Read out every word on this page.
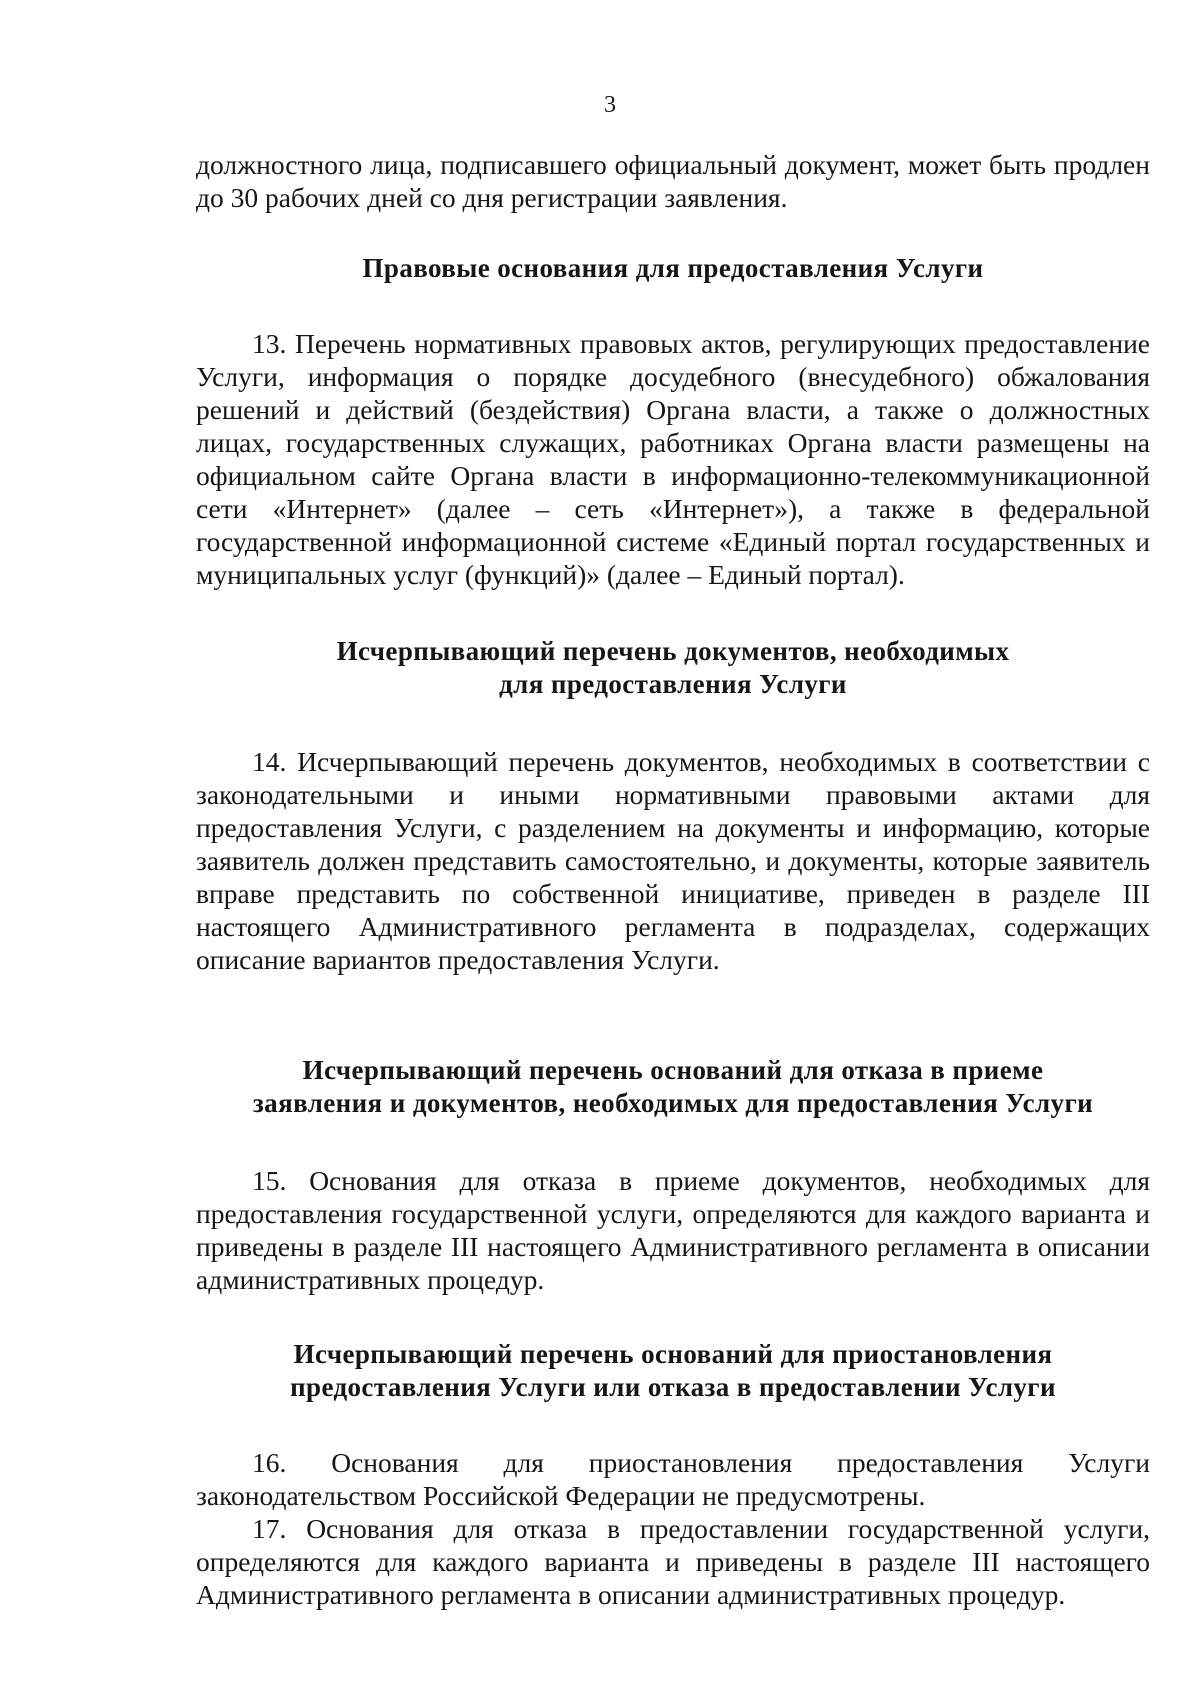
3

должностного лица, подписавшего официальный документ, может быть продлен до 30 рабочих дней со дня регистрации заявления.

Правовые основания для предоставления Услуги

13. Перечень нормативных правовых актов, регулирующих предоставление Услуги, информация о порядке досудебного (внесудебного) обжалования решений и действий (бездействия) Органа власти, а также о должностных лицах, государственных служащих, работниках Органа власти размещены на официальном сайте Органа власти в информационно-телекоммуникационной сети «Интернет» (далее – сеть «Интернет»), а также в федеральной государственной информационной системе «Единый портал государственных и муниципальных услуг (функций)» (далее – Единый портал).

Исчерпывающий перечень документов, необходимых
для предоставления Услуги

14. Исчерпывающий перечень документов, необходимых в соответствии с законодательными и иными нормативными правовыми актами для предоставления Услуги, с разделением на документы и информацию, которые заявитель должен представить самостоятельно, и документы, которые заявитель вправе представить по собственной инициативе, приведен в разделе III настоящего Административного регламента в подразделах, содержащих описание вариантов предоставления Услуги.

Исчерпывающий перечень оснований для отказа в приеме
заявления и документов, необходимых для предоставления Услуги

15. Основания для отказа в приеме документов, необходимых для предоставления государственной услуги, определяются для каждого варианта и приведены в разделе III настоящего Административного регламента в описании административных процедур.

Исчерпывающий перечень оснований для приостановления
предоставления Услуги или отказа в предоставлении Услуги

16. Основания для приостановления предоставления Услуги законодательством Российской Федерации не предусмотрены.

17. Основания для отказа в предоставлении государственной услуги, определяются для каждого варианта и приведены в разделе III настоящего Административного регламента в описании административных процедур.
